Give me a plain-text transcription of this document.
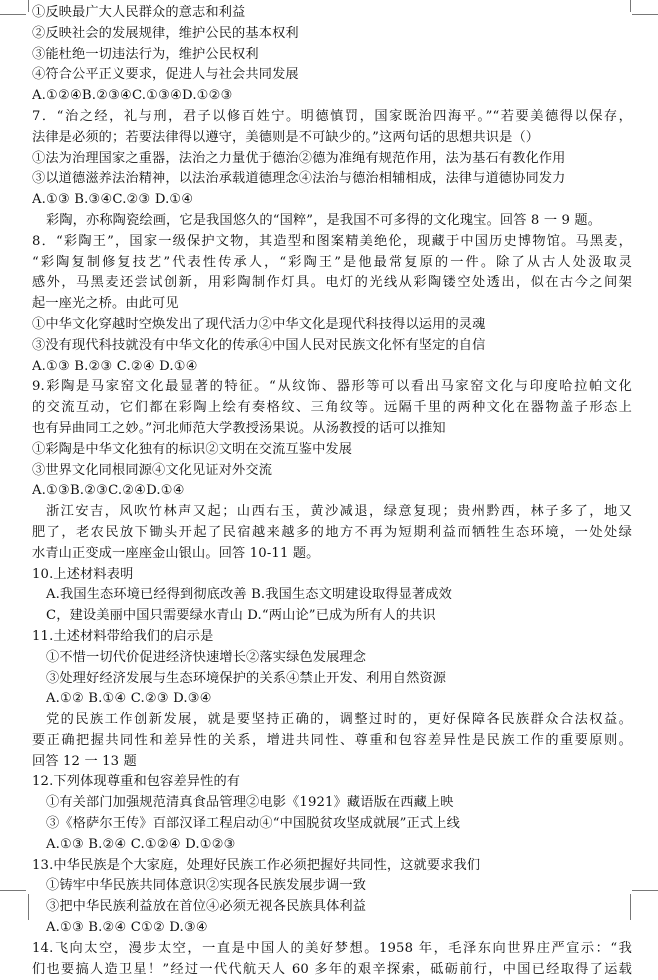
①反映最广大人民群众的意志和利益
②反映社会的发展规律，维护公民的基本权利
③能杜绝一切违法行为，维护公民权利
④符合公平正义要求，促进人与社会共同发展
A.①②④B.②③④C.①③④D.①②③
7．“治之经，礼与刑，君子以修百姓宁。明德慎罚，国家既治四海平。”“若要美德得以保存，
法律是必须的；若要法律得以遵守，美德则是不可缺少的。”这两句话的思想共识是（）
①法为治理国家之重器，法治之力量优于德治②德为准绳有规范作用，法为基石有教化作用
③以道德滋养法治精神，以法治承载道德理念④法治与德治相辅相成，法律与道德协同发力
A.①③ B.③④C.②③ D.①④
彩陶，亦称陶瓷绘画，它是我国悠久的“国粹”，是我国不可多得的文化瑰宝。回答 8 一 9 题。
8．“彩陶王”，国家一级保护文物，其造型和图案精美绝伦，现藏于中国历史博物馆。马黑麦，
“彩陶复制修复技艺”代表性传承人，“彩陶王”是他最常复原的一件。除了从古人处汲取灵
感外，马黑麦还尝试创新，用彩陶制作灯具。电灯的光线从彩陶镂空处透出，似在古今之间架
起一座光之桥。由此可见
①中华文化穿越时空焕发出了现代活力②中华文化是现代科技得以运用的灵魂
③没有现代科技就没有中华文化的传承④中国人民对民族文化怀有坚定的自信
A.①③ B.②③ C.②④ D.①④
9.彩陶是马家窑文化最显著的特征。“从纹饰、器形等可以看出马家窑文化与印度哈拉帕文化
的交流互动，它们都在彩陶上绘有奏格纹、三角纹等。远隔千里的两种文化在器物盖子形态上
也有异曲同工之妙。”河北师范大学教授汤果说。从汤教授的话可以推知
①彩陶是中华文化独有的标识②文明在交流互鉴中发展
③世界文化同根同源④文化见证对外交流
A.①③B.②③C.②④D.①④
浙江安吉，风吹竹林声又起；山西右玉，黄沙减退，绿意复现；贵州黔西，林子多了，地又
肥了，老农民放下锄头开起了民宿越来越多的地方不再为短期利益而牺牲生态环境，一处处绿
水青山正变成一座座金山银山。回答 10-11 题。
10.上述材料表明
A.我国生态环境已经得到彻底改善 B.我国生态文明建设取得显著成效
C，建设美丽中国只需要绿水青山 D.“两山论”已成为所有人的共识
11.土述材料带给我们的启示是
①不惜一切代价促进经济快速增长②落实绿色发展理念
③处理好经济发展与生态环境保护的关系④禁止开发、利用自然资源
A.①② B.①④ C.②③ D.③④
党的民族工作创新发展，就是要坚持正确的，调整过时的，更好保障各民族群众合法权益。
要正确把握共同性和差异性的关系，增进共同性、尊重和包容差异性是民族工作的重要原则。
回答 12 一 13 题
12.下列体现尊重和包容差异性的有
①有关部门加强规范清真食品管理②电影《1921》藏语版在西藏上映
③《格萨尔王传》百部汉译工程启动④“中国脱贫攻坚成就展”正式上线
A.①③ B.②④ C.①②④ D.①②③
13.中华民族是个大家庭，处理好民族工作必须把握好共同性，这就要求我们
①铸牢中华民族共同体意识②实现各民族发展步调一致
③把中华民族利益放在首位④必须无视各民族具体利益
A.①③ B.②④ C①② D.③④
14.飞向太空，漫步太空，一直是中国人的美好梦想。1958 年，毛泽东向世界庄严宣示：“我
们也要搞人造卫星！”经过一代代航天人 60 多年的艰辛探索，砥砺前行，中国已经取得了运载
